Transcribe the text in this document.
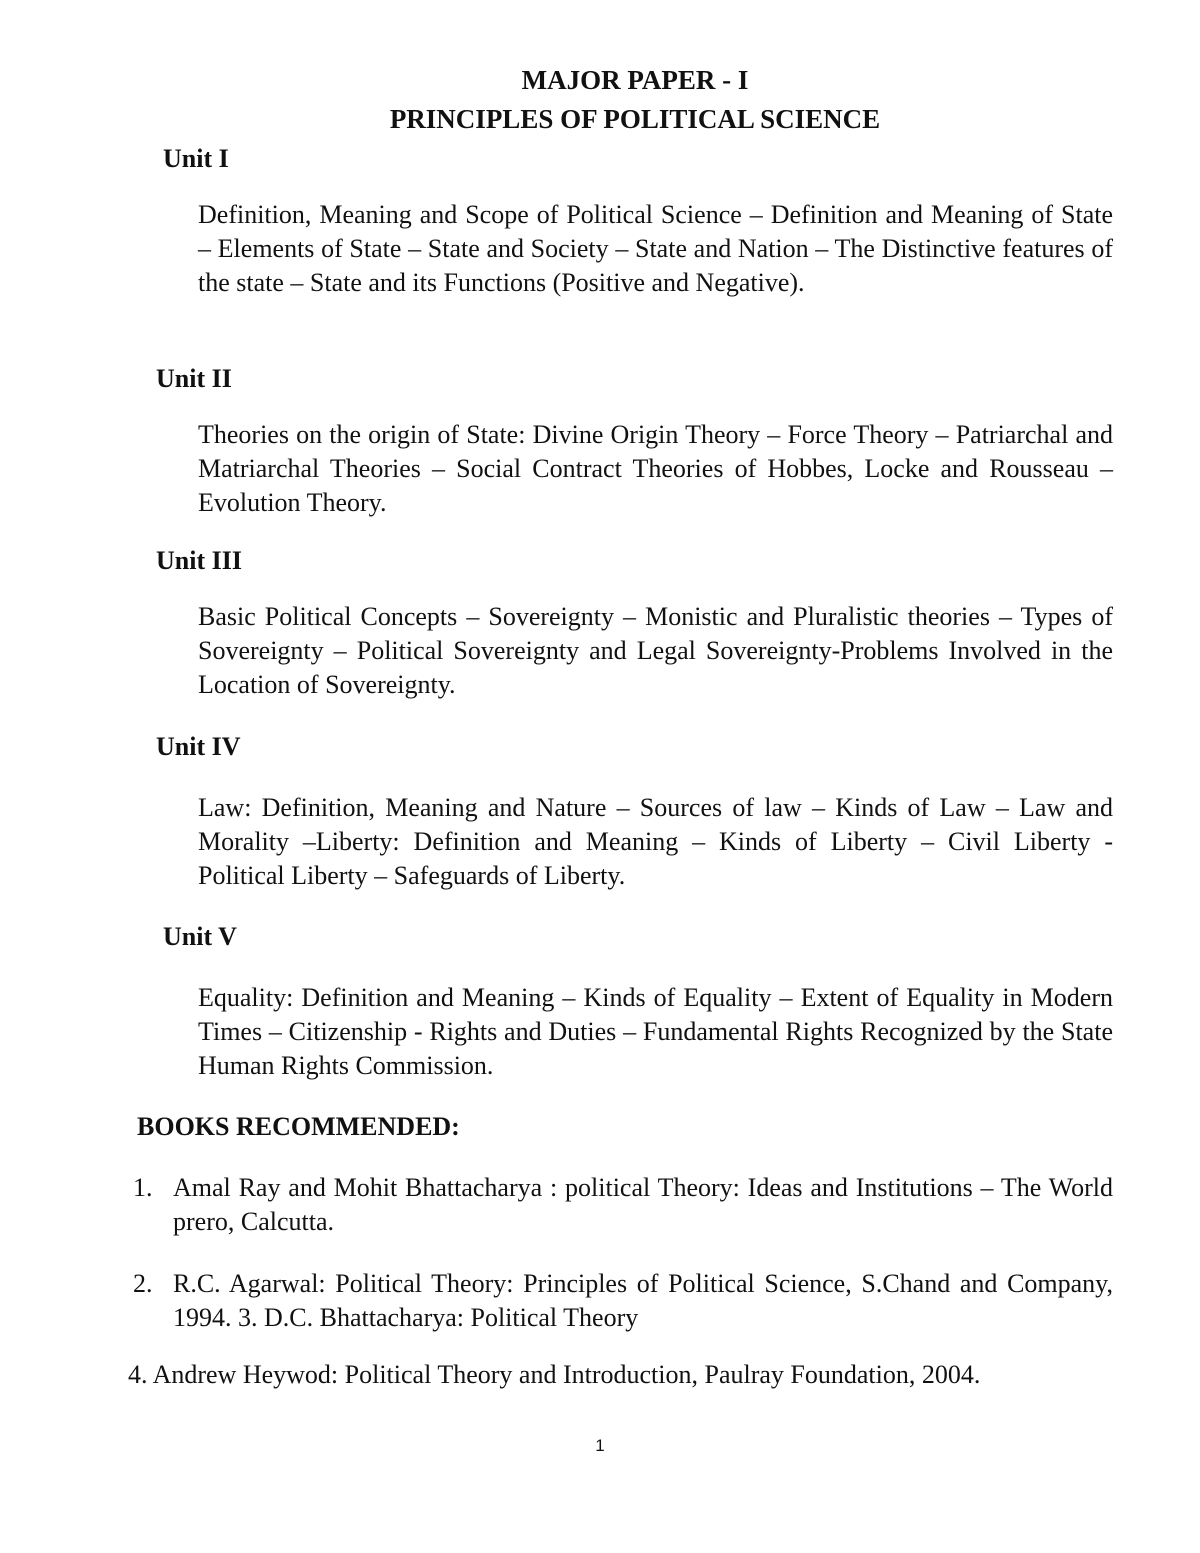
MAJOR PAPER - I
PRINCIPLES OF POLITICAL SCIENCE
Unit I

Definition, Meaning and Scope of Political Science – Definition and Meaning of State – Elements of State – State and Society – State and Nation – The Distinctive features of the state – State and its Functions (Positive and Negative).

Unit II

Theories on the origin of State: Divine Origin Theory – Force Theory – Patriarchal and Matriarchal Theories – Social Contract Theories of Hobbes, Locke and Rousseau – Evolution Theory.

Unit III

Basic Political Concepts – Sovereignty – Monistic and Pluralistic theories – Types of Sovereignty – Political Sovereignty and Legal Sovereignty-Problems Involved in the Location of Sovereignty.

Unit IV

Law: Definition, Meaning and Nature – Sources of law – Kinds of Law – Law and Morality –Liberty: Definition and Meaning – Kinds of Liberty – Civil Liberty - Political Liberty – Safeguards of Liberty.

Unit V

Equality: Definition and Meaning – Kinds of Equality – Extent of Equality in Modern Times – Citizenship - Rights and Duties – Fundamental Rights Recognized by the State Human Rights Commission.

BOOKS RECOMMENDED:
1. Amal Ray and Mohit Bhattacharya : political Theory: Ideas and Institutions – The World prero, Calcutta.
2. R.C. Agarwal: Political Theory: Principles of Political Science, S.Chand and Company, 1994. 3. D.C. Bhattacharya: Political Theory
4. Andrew Heywod: Political Theory and Introduction, Paulray Foundation, 2004.
1
